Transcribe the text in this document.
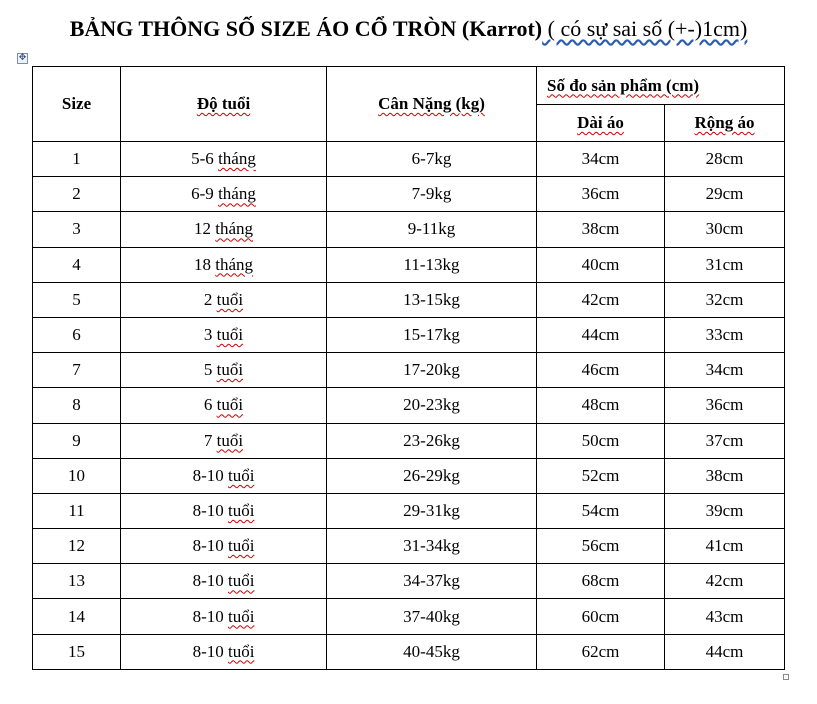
BẢNG THÔNG SỐ SIZE ÁO CỔ TRÒN (Karrot) ( có sự sai số (+-)1cm)
✥
Size	Độ tuổi	Cân Nặng (kg)	Số đo sản phẩm (cm)	
			Dài áo	Rộng áo
1	5-6 tháng	6-7kg	34cm	28cm
2	6-9 tháng	7-9kg	36cm	29cm
3	12 tháng	9-11kg	38cm	30cm
4	18 tháng	11-13kg	40cm	31cm
5	2 tuổi	13-15kg	42cm	32cm
6	3 tuổi	15-17kg	44cm	33cm
7	5 tuổi	17-20kg	46cm	34cm
8	6 tuổi	20-23kg	48cm	36cm
9	7 tuổi	23-26kg	50cm	37cm
10	8-10 tuổi	26-29kg	52cm	38cm
11	8-10 tuổi	29-31kg	54cm	39cm
12	8-10 tuổi	31-34kg	56cm	41cm
13	8-10 tuổi	34-37kg	68cm	42cm
14	8-10 tuổi	37-40kg	60cm	43cm
15	8-10 tuổi	40-45kg	62cm	44cm
